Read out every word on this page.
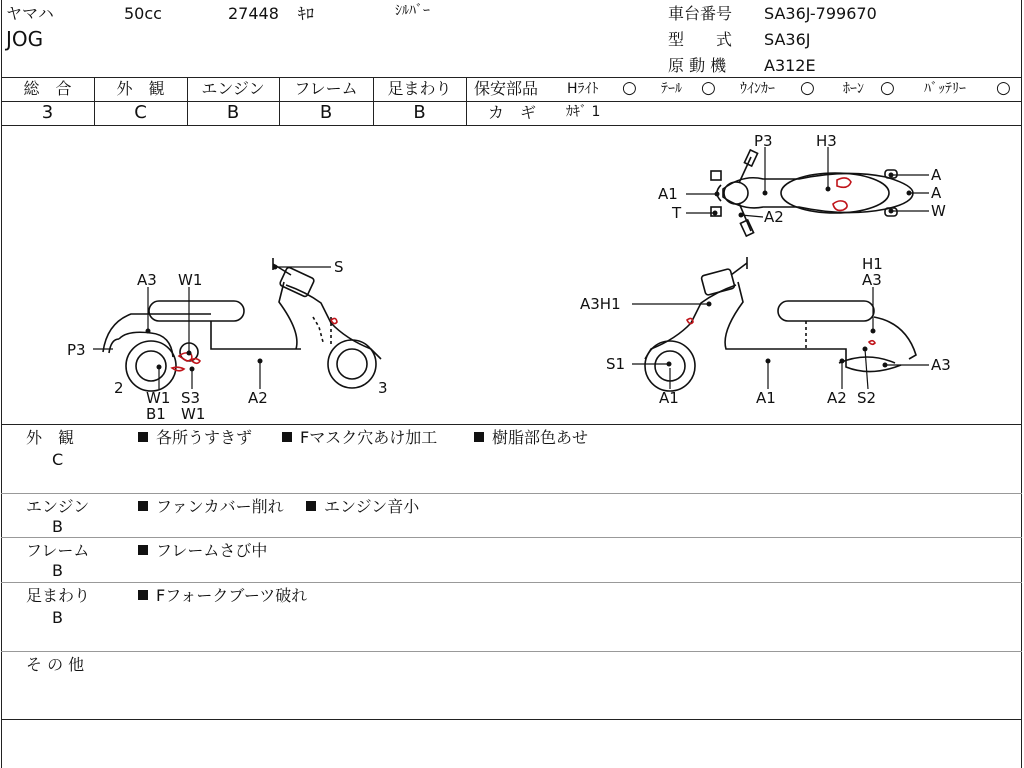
ヤマハ	50cc	27448 ｷﾛ	ｼﾙﾊﾞｰ
JOG
車台番号 SA36J-799670
型　　式 SA36J
原 動 機 A312E
総　合	外　観	エンジン	フレーム	足まわり
3	C	B	B	B
保安部品 Hﾗｲﾄ ○ ﾃｰﾙ ○ ｳｲﾝｶｰ ○ ﾎｰﾝ ○ ﾊﾞｯﾃﾘｰ ○
カ　ギ ｶｷﾞ 1
P3	H3
A1
T	A2
A
A
W
S
A3 W1
P3
2
W1
B1
S3
W1
A2
3
H1
A3
A3H1
S1
A1	A1	A2 S2
A3
外　観
C
各所うすきず	Fマスク穴あけ加工	樹脂部色あせ
エンジン
B
ファンカバー削れ	エンジン音小
フレーム
B
フレームさび中
足まわり
B
Fフォークブーツ破れ
そ の 他
